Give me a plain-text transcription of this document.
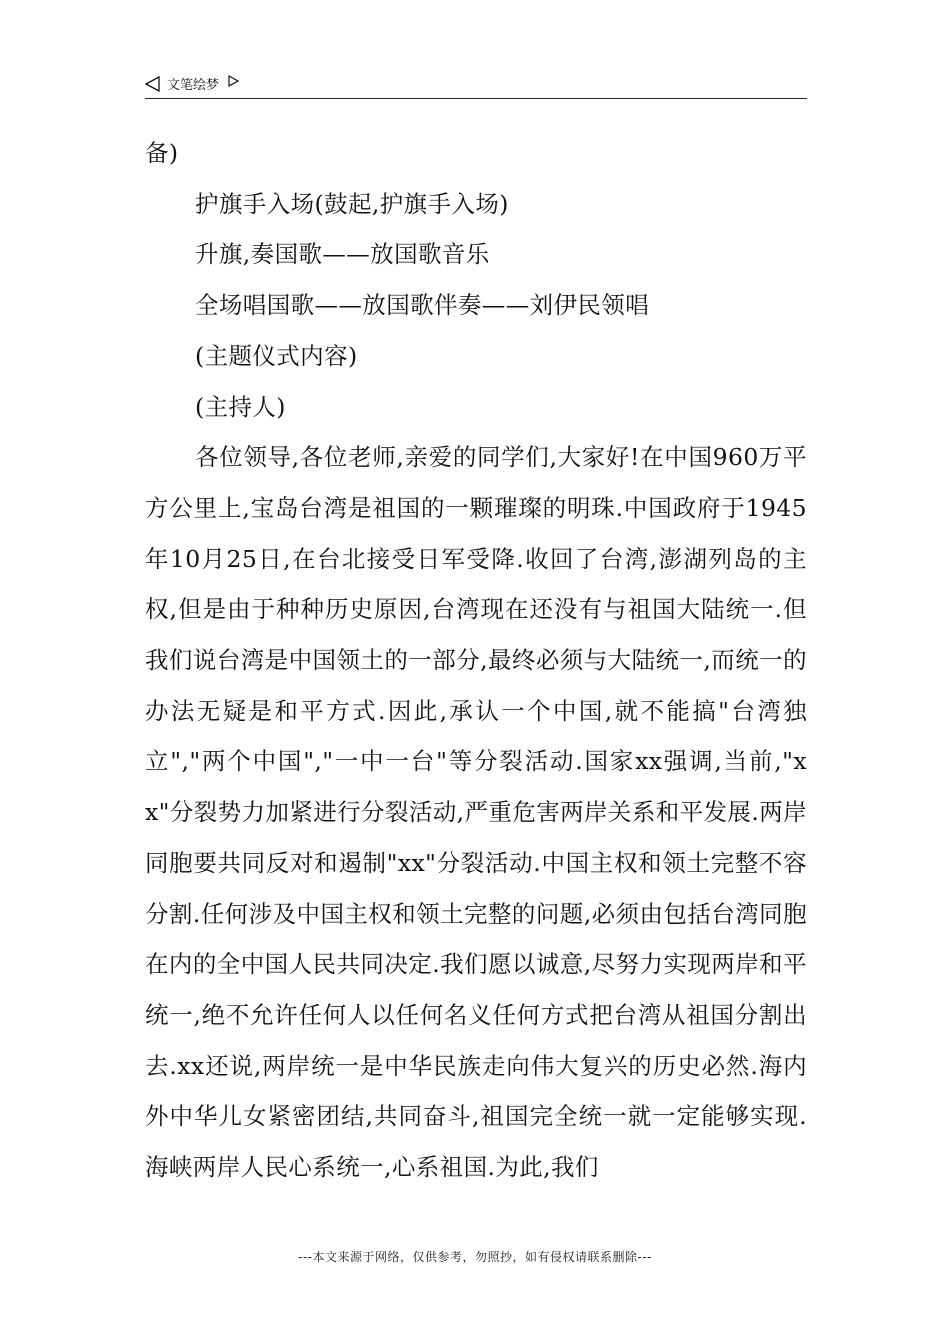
文笔绘梦

备)

护旗手入场(鼓起,护旗手入场)

升旗,奏国歌——放国歌音乐

全场唱国歌——放国歌伴奏——刘伊民领唱

(主题仪式内容)

(主持人)

各位领导,各位老师,亲爱的同学们,大家好!在中国960万平方公里上,宝岛台湾是祖国的一颗璀璨的明珠.中国政府于1945年10月25日,在台北接受日军受降.收回了台湾,澎湖列岛的主权,但是由于种种历史原因,台湾现在还没有与祖国大陆统一.但我们说台湾是中国领土的一部分,最终必须与大陆统一,而统一的办法无疑是和平方式.因此,承认一个中国,就不能搞"台湾独立","两个中国","一中一台"等分裂活动.国家xx强调,当前,"xx"分裂势力加紧进行分裂活动,严重危害两岸关系和平发展.两岸同胞要共同反对和遏制"xx"分裂活动.中国主权和领土完整不容分割.任何涉及中国主权和领土完整的问题,必须由包括台湾同胞在内的全中国人民共同决定.我们愿以诚意,尽努力实现两岸和平统一,绝不允许任何人以任何名义任何方式把台湾从祖国分割出去.xx还说,两岸统一是中华民族走向伟大复兴的历史必然.海内外中华儿女紧密团结,共同奋斗,祖国完全统一就一定能够实现.海峡两岸人民心系统一,心系祖国.为此,我们

---本文来源于网络，仅供参考，勿照抄，如有侵权请联系删除---
